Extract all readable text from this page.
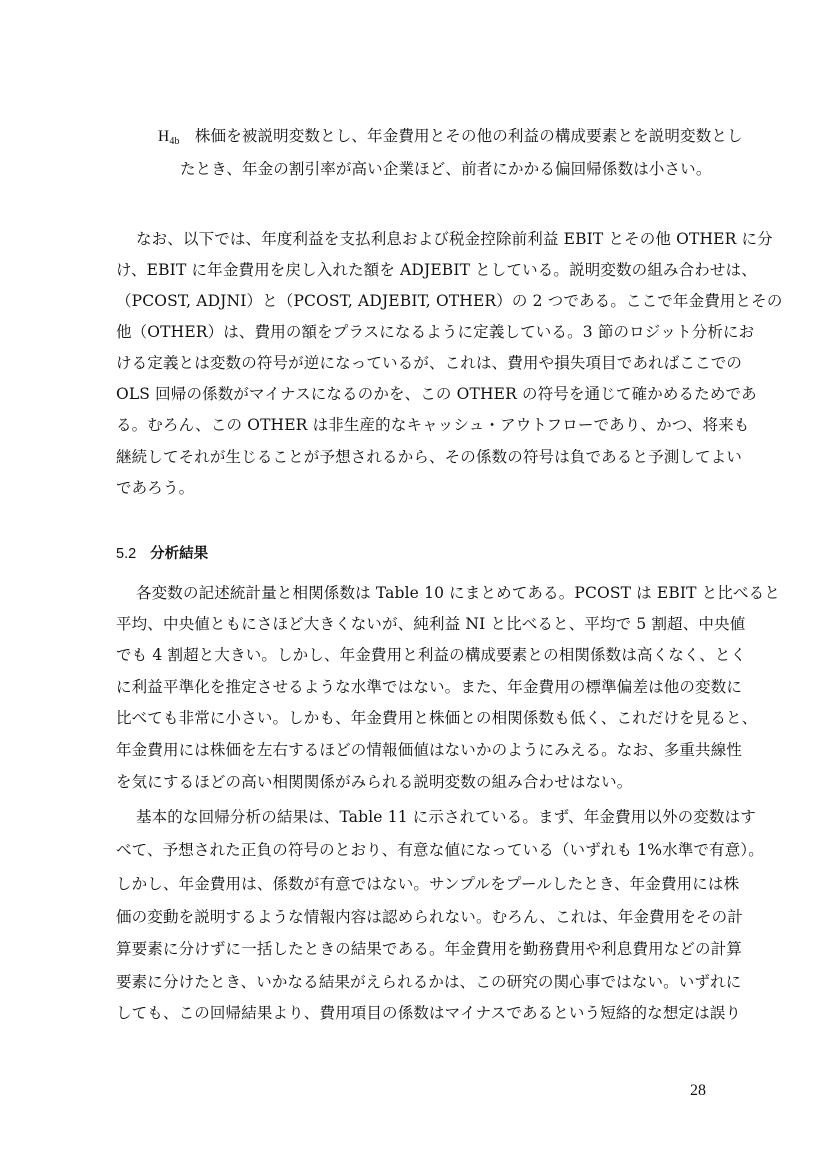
$H_{4b}$ 株価を被説明変数とし、年金費用とその他の利益の構成要素とを説明変数とし
たとき、年金の割引率が高い企業ほど、前者にかかる偏回帰係数は小さい。
なお、以下では、年度利益を支払利息および税金控除前利益 EBIT とその他 OTHER に分
け、EBIT に年金費用を戻し入れた額を ADJEBIT としている。説明変数の組み合わせは、
（PCOST, ADJNI）と（PCOST, ADJEBIT, OTHER）の 2 つである。ここで年金費用とその
他（OTHER）は、費用の額をプラスになるように定義している。3 節のロジット分析にお
ける定義とは変数の符号が逆になっているが、これは、費用や損失項目であればここでの
OLS 回帰の係数がマイナスになるのかを、この OTHER の符号を通じて確かめるためであ
る。むろん、この OTHER は非生産的なキャッシュ・アウトフローであり、かつ、将来も
継続してそれが生じることが予想されるから、その係数の符号は負であると予測してよい
であろう。
5.2 分析結果
各変数の記述統計量と相関係数は Table 10 にまとめてある。PCOST は EBIT と比べると
平均、中央値ともにさほど大きくないが、純利益 NI と比べると、平均で 5 割超、中央値
でも 4 割超と大きい。しかし、年金費用と利益の構成要素との相関係数は高くなく、とく
に利益平準化を推定させるような水準ではない。また、年金費用の標準偏差は他の変数に
比べても非常に小さい。しかも、年金費用と株価との相関係数も低く、これだけを見ると、
年金費用には株価を左右するほどの情報価値はないかのようにみえる。なお、多重共線性
を気にするほどの高い相関関係がみられる説明変数の組み合わせはない。
基本的な回帰分析の結果は、Table 11 に示されている。まず、年金費用以外の変数はす
べて、予想された正負の符号のとおり、有意な値になっている（いずれも 1%水準で有意）。
しかし、年金費用は、係数が有意ではない。サンプルをプールしたとき、年金費用には株
価の変動を説明するような情報内容は認められない。むろん、これは、年金費用をその計
算要素に分けずに一括したときの結果である。年金費用を勤務費用や利息費用などの計算
要素に分けたとき、いかなる結果がえられるかは、この研究の関心事ではない。いずれに
しても、この回帰結果より、費用項目の係数はマイナスであるという短絡的な想定は誤り
28
